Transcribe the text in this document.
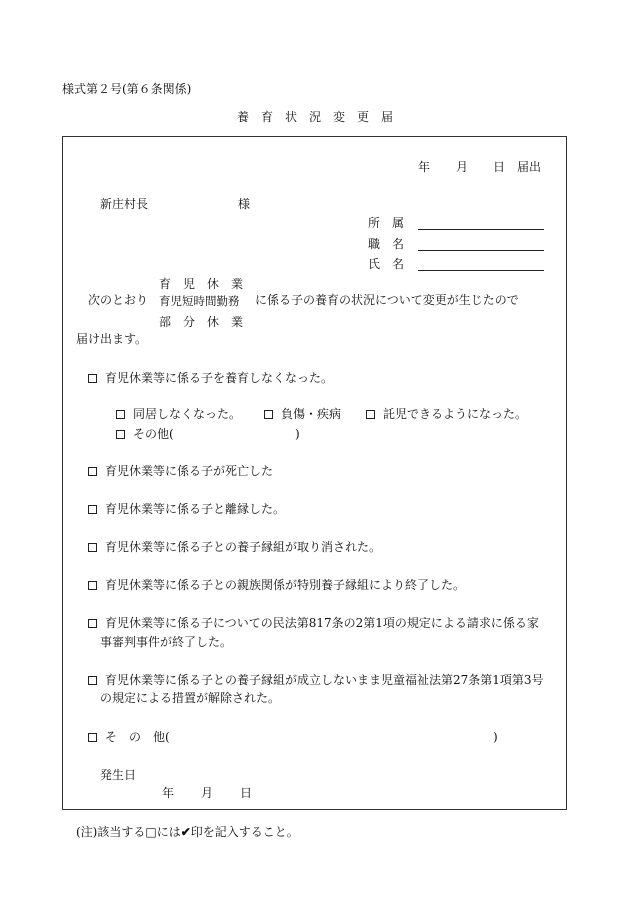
様式第２号(第６条関係)
養　育　状　況　変　更　届
年 月 日 届出
新庄村長	様
所　属
職　名
氏　名
育　児　休　業
次のとおり 育児短時間勤務 に係る子の養育の状況について変更が生じたので
部　分　休　業
届け出ます。
育児休業等に係る子を養育しなくなった。
同居しなくなった。	負傷・疾病	託児できるようになった。
その他(	)
育児休業等に係る子が死亡した
育児休業等に係る子と離縁した。
育児休業等に係る子との養子縁組が取り消された。
育児休業等に係る子との親族関係が特別養子縁組により終了した。
育児休業等に係る子についての民法第817条の2第1項の規定による請求に係る家
事審判事件が終了した。
育児休業等に係る子との養子縁組が成立しないまま児童福祉法第27条第1項第3号
の規定による措置が解除された。
そ　の　他(	)
発生日
年 月 日
(注)該当する□には✔印を記入すること。
